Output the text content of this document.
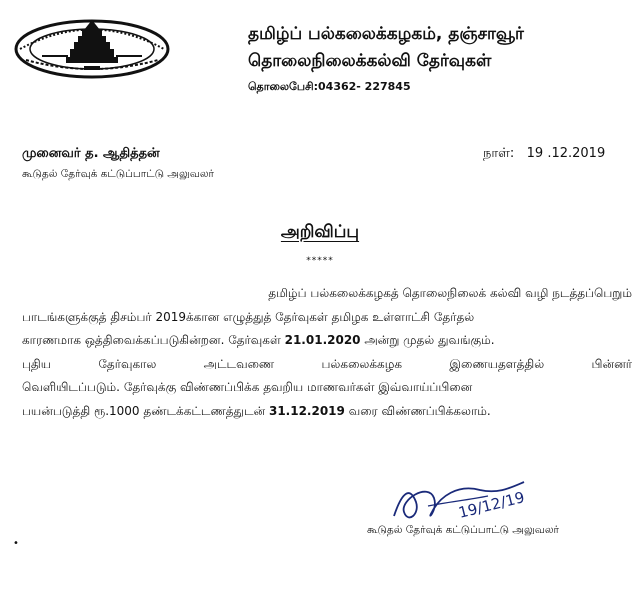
தமிழ்ப் பல்கலைக்கழகம், தஞ்சாவூர்
தொலைநிலைக்கல்வி தேர்வுகள்
தொலைபேசி:04362- 227845
முனைவர் த. ஆதித்தன்
கூடுதல் தேர்வுக் கட்டுப்பாட்டு அலுவலர்
நாள்: 19 .12.2019
அறிவிப்பு
*****
தமிழ்ப் பல்கலைக்கழகத் தொலைநிலைக் கல்வி வழி நடத்தப்பெறும்
பாடங்களுக்குத் திசம்பர் 2019க்கான எழுத்துத் தேர்வுகள் தமிழக உள்ளாட்சி தேர்தல்
காரணமாக ஒத்திவைக்கப்படுகின்றன. தேர்வுகள் 21.01.2020 அன்று முதல் துவங்கும்.
புதிய தேர்வுகால அட்டவணை பல்கலைக்கழக இணையதளத்தில் பின்னர்
வெளியிடப்படும். தேர்வுக்கு விண்ணப்பிக்க தவறிய மாணவர்கள் இவ்வாய்ப்பினை
பயன்படுத்தி ரூ.1000 தண்டக்கட்டணத்துடன் 31.12.2019 வரை விண்ணப்பிக்கலாம்.
19/12/19
கூடுதல் தேர்வுக் கட்டுப்பாட்டு அலுவலர்
•
